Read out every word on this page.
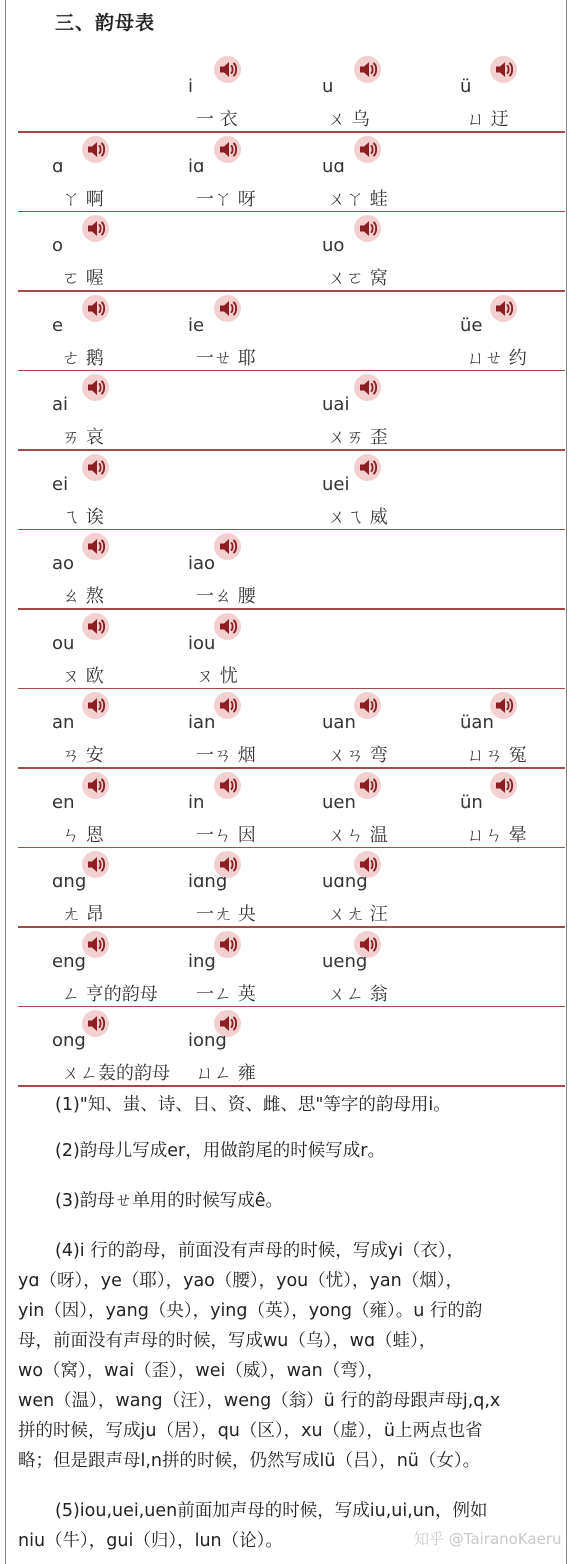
三、韵母表
i
一 衣
u
ㄨ 乌
ü
ㄩ 迂
ɑ
ㄚ 啊
iɑ
一ㄚ 呀
uɑ
ㄨㄚ 蛙
o
ㄛ 喔
uo
ㄨㄛ 窝
e
ㄜ 鹅
ie
一ㄝ 耶
üe
ㄩㄝ 约
ai
ㄞ 哀
uai
ㄨㄞ 歪
ei
ㄟ 诶
uei
ㄨㄟ 威
ao
ㄠ 熬
iao
一ㄠ 腰
ou
ㄡ 欧
iou
ㄡ 忧
an
ㄢ 安
ian
一ㄢ 烟
uan
ㄨㄢ 弯
üan
ㄩㄢ 冤
en
ㄣ 恩
in
一ㄣ 因
uen
ㄨㄣ 温
ün
ㄩㄣ 晕
ɑng
ㄤ 昂
iɑng
一ㄤ 央
uɑng
ㄨㄤ 汪
eng
ㄥ 亨的韵母
ing
一ㄥ 英
ueng
ㄨㄥ 翁
ong
ㄨㄥ轰的韵母
iong
ㄩㄥ 雍

(1)"知、蚩、诗、日、资、雌、思"等字的韵母用i。

(2)韵母儿写成er，用做韵尾的时候写成r。

(3)韵母ㄝ单用的时候写成ê。

(4)i 行的韵母，前面没有声母的时候，写成yi（衣），

yɑ（呀），ye（耶），yao（腰），you（忧），yan（烟），

yin（因），yang（央），ying（英），yong（雍）。u 行的韵

母，前面没有声母的时候，写成wu（乌），wɑ（蛙），

wo（窝），wai（歪），wei（威），wan（弯），

wen（温），wang（汪），weng（翁）ü 行的韵母跟声母j,q,x

拼的时候，写成ju（居），qu（区），xu（虚），ü上两点也省

略；但是跟声母l,n拼的时候，仍然写成lü（吕），nü（女）。

(5)iou,uei,uen前面加声母的时候，写成iu,ui,un，例如

niu（牛），gui（归），lun（论）。	知乎 @TairanoKaeru
